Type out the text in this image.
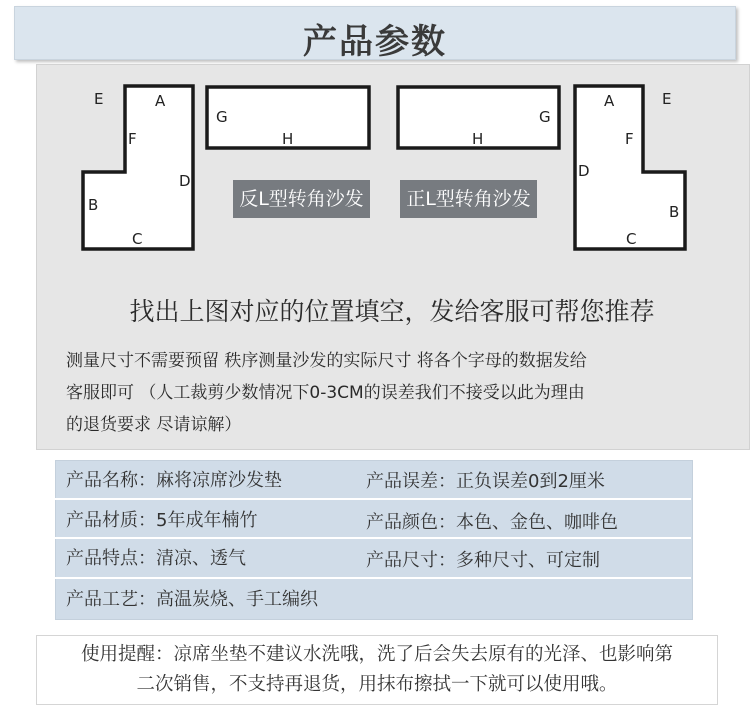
产品参数
E	A
F
D
B
C
G
H
G
H
A	E
F
D
B
C
反L型转角沙发	正L型转角沙发
找出上图对应的位置填空，发给客服可帮您推荐
测量尺寸不需要预留 秩序测量沙发的实际尺寸 将各个字母的数据发给
客服即可 （人工裁剪少数情况下0-3CM的误差我们不接受以此为理由
的退货要求 尽请谅解）
产品名称：麻将凉席沙发垫	产品误差：正负误差0到2厘米
产品材质：5年成年楠竹	产品颜色：本色、金色、咖啡色
产品特点：清凉、透气	产品尺寸：多种尺寸、可定制
产品工艺：高温炭烧、手工编织
使用提醒：凉席坐垫不建议水洗哦，洗了后会失去原有的光泽、也影响第
二次销售，不支持再退货，用抹布擦拭一下就可以使用哦。
